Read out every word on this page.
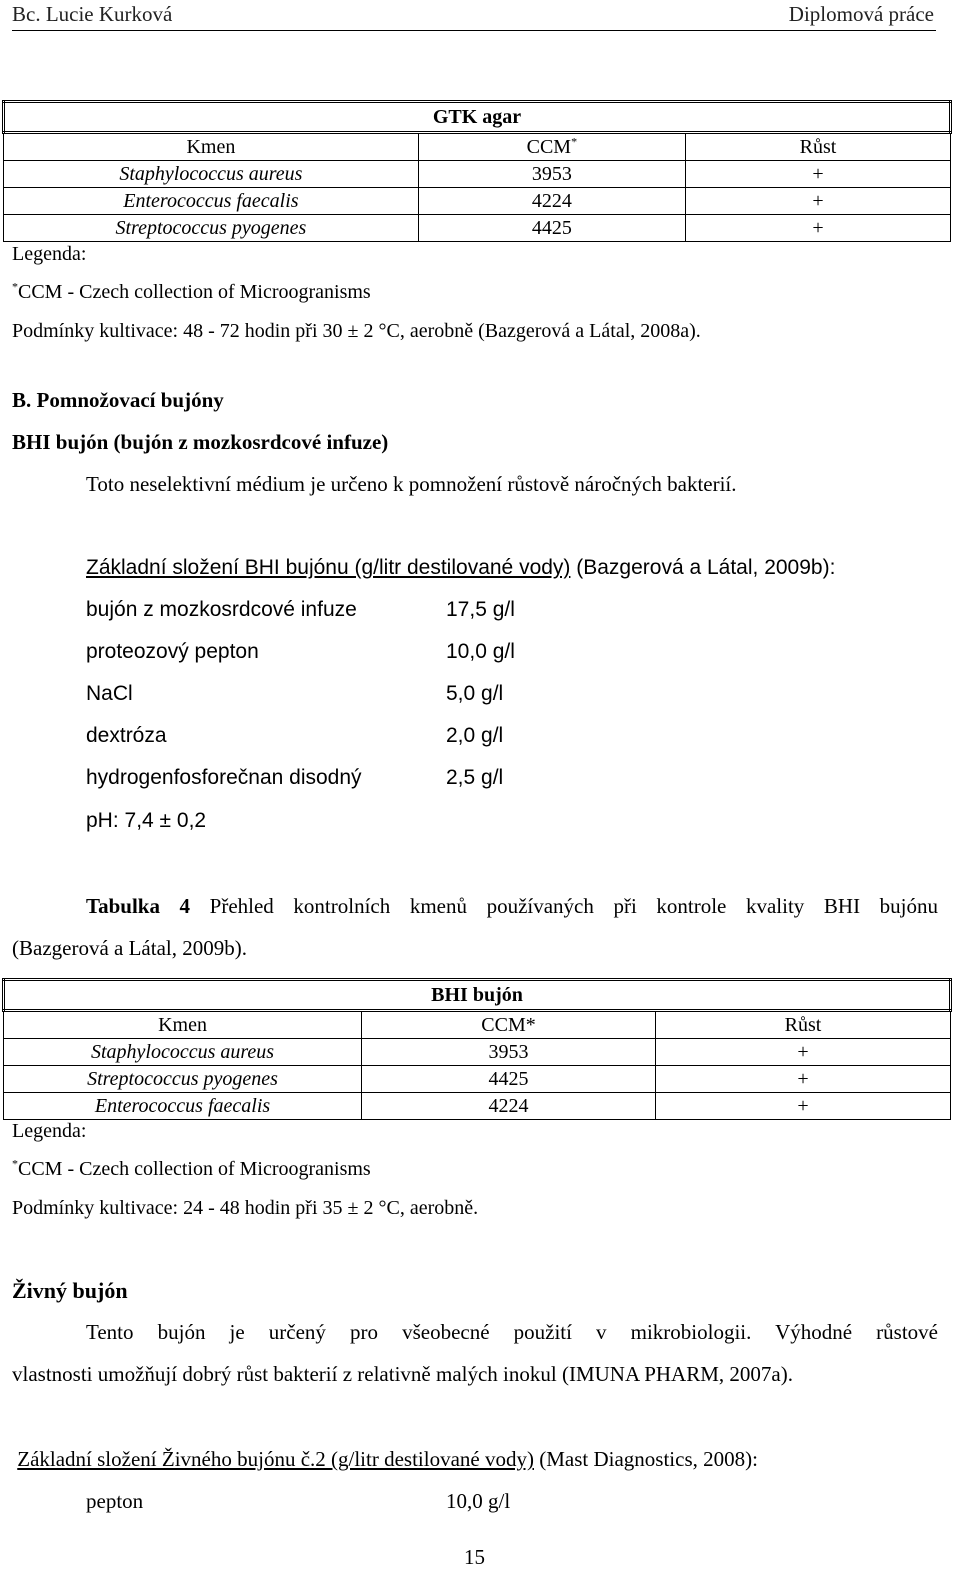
Bc. Lucie Kurková	Diplomová práce
GTK agar		
Kmen	CCM*	Růst
Staphylococcus aureus	3953	+
Enterococcus faecalis	4224	+
Streptococcus pyogenes	4425	+
Legenda:
*CCM - Czech collection of Microogranisms
Podmínky kultivace: 48 - 72 hodin při 30 ± 2 °C, aerobně (Bazgerová a Látal, 2008a).
B. Pomnožovací bujóny
BHI bujón (bujón z mozkosrdcové infuze)
Toto neselektivní médium je určeno k pomnožení růstově náročných bakterií.
Základní složení BHI bujónu (g/litr destilované vody) (Bazgerová a Látal, 2009b):
bujón z mozkosrdcové infuze	17,5 g/l
proteozový pepton	10,0 g/l
NaCl	5,0 g/l
dextróza	2,0 g/l
hydrogenfosforečnan disodný	2,5 g/l
pH: 7,4 ± 0,2
Tabulka 4 Přehled kontrolních kmenů používaných při kontrole kvality BHI bujónu
(Bazgerová a Látal, 2009b).
BHI bujón		
Kmen	CCM*	Růst
Staphylococcus aureus	3953	+
Streptococcus pyogenes	4425	+
Enterococcus faecalis	4224	+
Legenda:
*CCM - Czech collection of Microogranisms
Podmínky kultivace: 24 - 48 hodin při 35 ± 2 °C, aerobně.
Živný bujón
Tento bujón je určený pro všeobecné použití v mikrobiologii. Výhodné růstové
vlastnosti umožňují dobrý růst bakterií z relativně malých inokul (IMUNA PHARM, 2007a).
Základní složení Živného bujónu č.2 (g/litr destilované vody) (Mast Diagnostics, 2008):
pepton	10,0 g/l
15
